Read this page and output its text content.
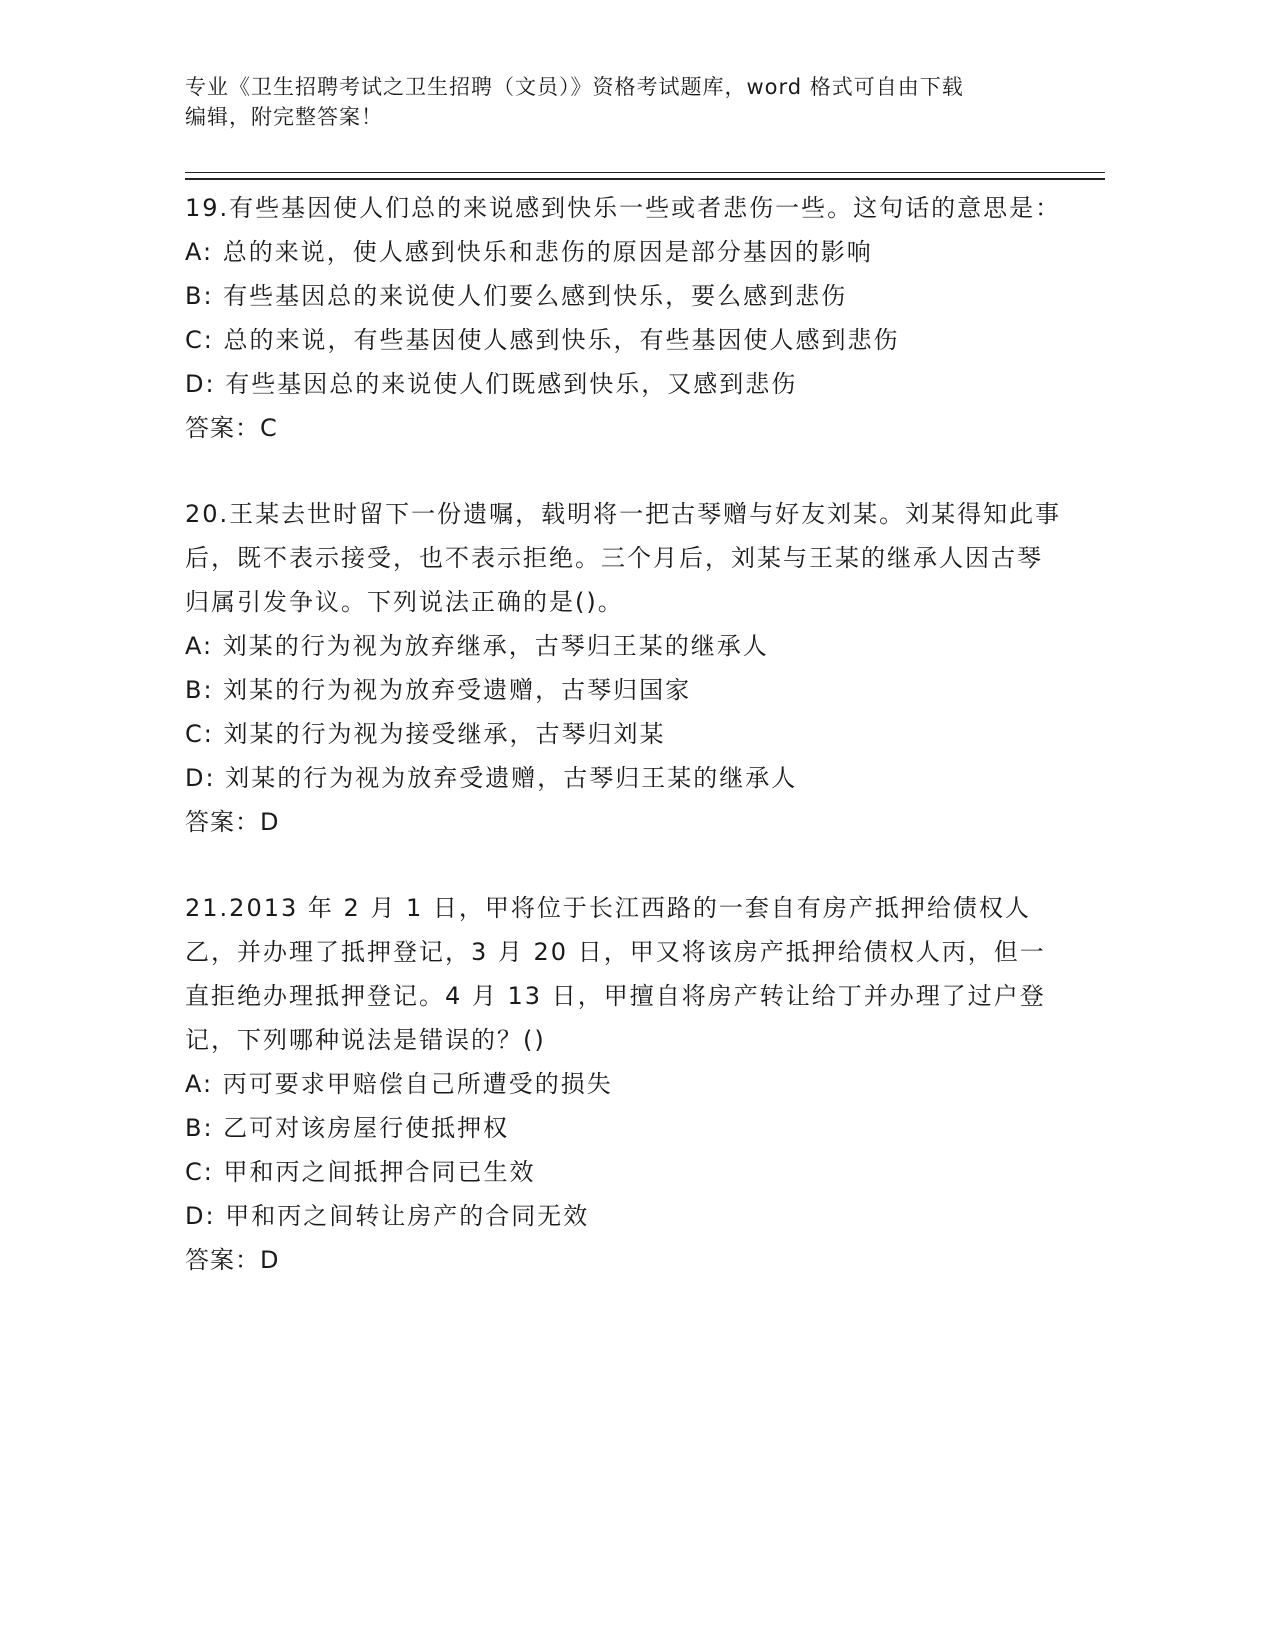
专业《卫生招聘考试之卫生招聘（文员）》资格考试题库，word 格式可自由下载
编辑，附完整答案！

19.有些基因使人们总的来说感到快乐一些或者悲伤一些。这句话的意思是：

A: 总的来说，使人感到快乐和悲伤的原因是部分基因的影响
B: 有些基因总的来说使人们要么感到快乐，要么感到悲伤
C: 总的来说，有些基因使人感到快乐，有些基因使人感到悲伤
D: 有些基因总的来说使人们既感到快乐，又感到悲伤
答案：C

20.王某去世时留下一份遗嘱，载明将一把古琴赠与好友刘某。刘某得知此事后，既不表示接受，也不表示拒绝。三个月后，刘某与王某的继承人因古琴归属引发争议。下列说法正确的是()。

A: 刘某的行为视为放弃继承，古琴归王某的继承人
B: 刘某的行为视为放弃受遗赠，古琴归国家
C: 刘某的行为视为接受继承，古琴归刘某
D: 刘某的行为视为放弃受遗赠，古琴归王某的继承人
答案：D

21.2013 年 2 月 1 日，甲将位于长江西路的一套自有房产抵押给债权人乙，并办理了抵押登记，3 月 20 日，甲又将该房产抵押给债权人丙，但一直拒绝办理抵押登记。4 月 13 日，甲擅自将房产转让给丁并办理了过户登记，下列哪种说法是错误的？()

A: 丙可要求甲赔偿自己所遭受的损失
B: 乙可对该房屋行使抵押权
C: 甲和丙之间抵押合同已生效
D: 甲和丙之间转让房产的合同无效
答案：D
